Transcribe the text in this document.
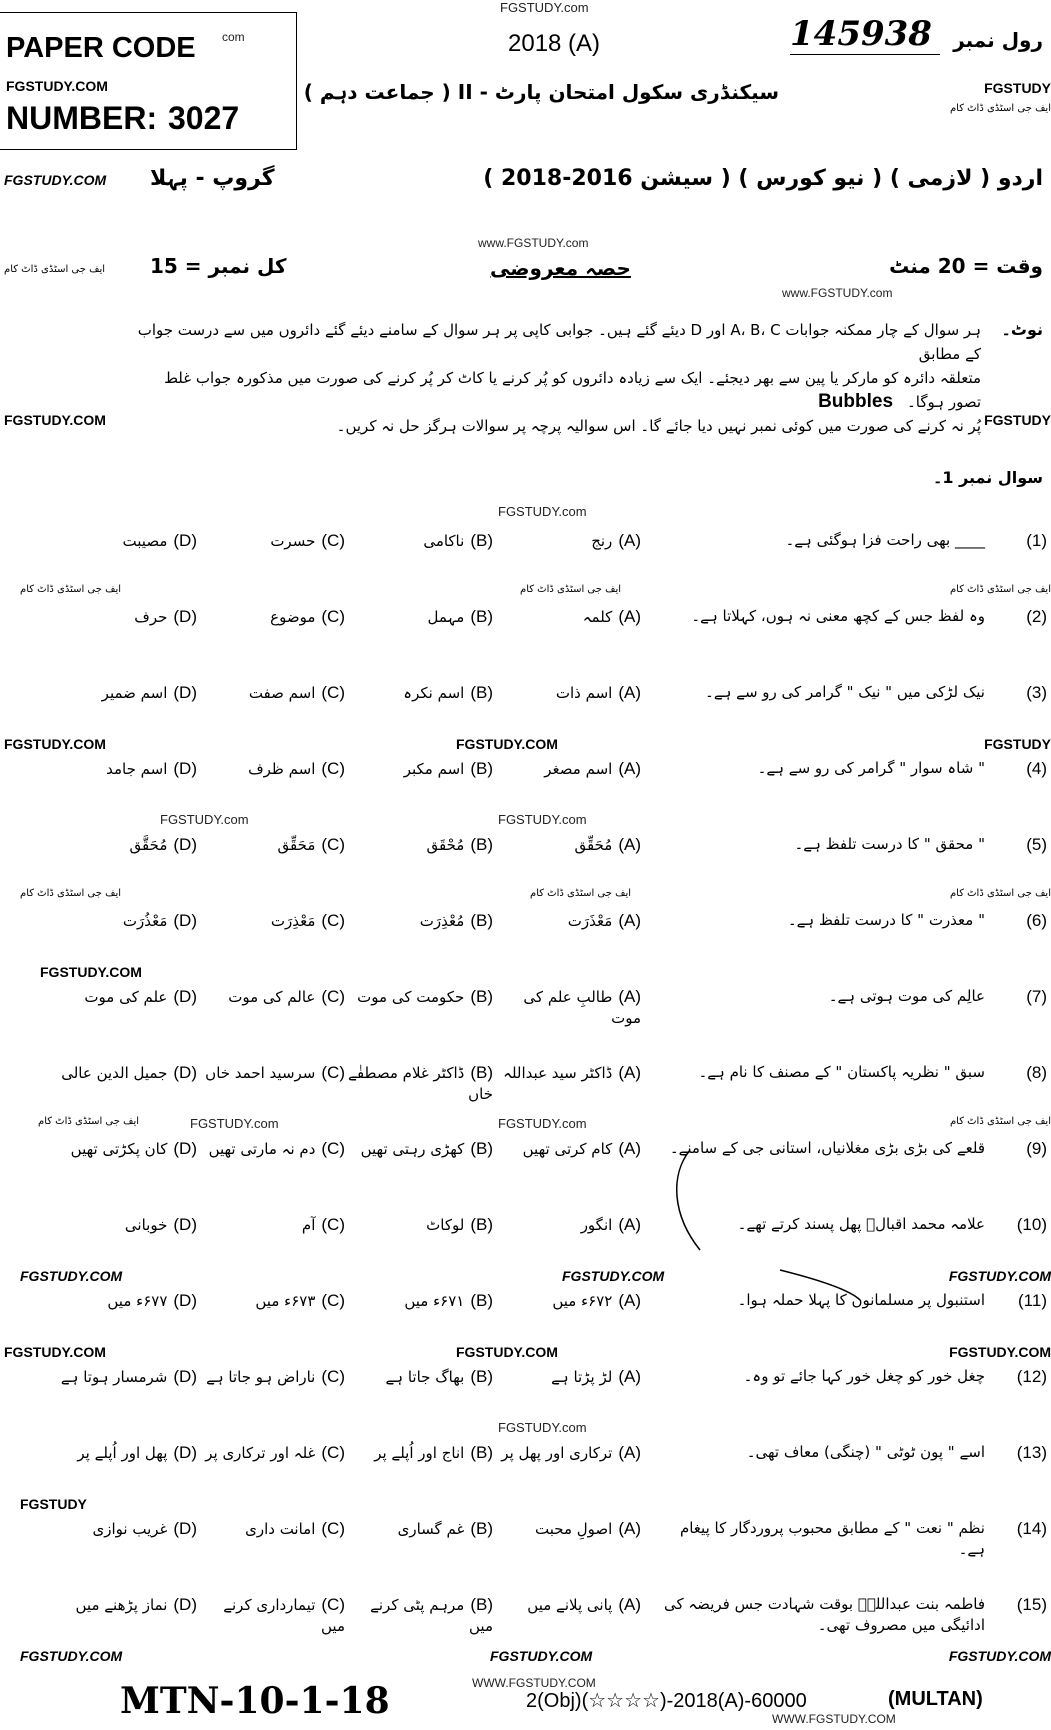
FGSTUDY.com
2018 (A)	145938	رول نمبر
PAPER CODE com
FGSTUDY.COM
NUMBER: 3027
سیکنڈری سکول امتحان پارٹ - II ( جماعت دہم )	FGSTUDY
ایف جی اسٹڈی ڈاٹ کام
FGSTUDY.COM گروپ - پہلا	اردو ( لازمی ) ( نیو کورس ) ( سیشن 2016-2018 )
ایف جی اسٹڈی ڈاٹ کام کل نمبر = 15
www.FGSTUDY.com
حصہ معروضی	وقت = 20 منٹ
www.FGSTUDY.com
نوٹ۔
ہر سوال کے چار ممکنہ جوابات A، B، C اور D دیئے گئے ہیں۔ جوابی کاپی پر ہر سوال کے سامنے دیئے گئے دائروں میں سے درست جواب کے مطابق
متعلقہ دائرہ کو مارکر یا پین سے بھر دیجئے۔ ایک سے زیادہ دائروں کو پُر کرنے یا کاٹ کر پُر کرنے کی صورت میں مذکورہ جواب غلط تصور ہوگا۔Bubbles
پُر نہ کرنے کی صورت میں کوئی نمبر نہیں دیا جائے گا۔ اس سوالیہ پرچہ پر سوالات ہرگز حل نہ کریں۔
FGSTUDY.COM	FGSTUDY
سوال نمبر 1۔
FGSTUDY.com
(1)
____ بھی راحت فزا ہوگئی ہے۔
(A)رنج
(B)ناکامی
(C)حسرت
(D)مصیبت
ایف جی اسٹڈی ڈاٹ کام	ایف جی اسٹڈی ڈاٹ کام	ایف جی اسٹڈی ڈاٹ کام
(2)
وہ لفظ جس کے کچھ معنی نہ ہوں، کہلاتا ہے۔
(A)کلمہ
(B)مہمل
(C)موضوع
(D)حرف
(3)
نیک لڑکی میں " نیک " گرامر کی رو سے ہے۔
(A)اسم ذات
(B)اسم نکرہ
(C)اسم صفت
(D)اسم ضمیر
FGSTUDY.COM	FGSTUDY.COM	FGSTUDY
(4)
" شاہ سوار " گرامر کی رو سے ہے۔
(A)اسم مصغر
(B)اسم مکبر
(C)اسم ظرف
(D)اسم جامد
FGSTUDY.com	FGSTUDY.com
(5)
" محقق " کا درست تلفظ ہے۔
(A)مُحَقِّق
(B)مُحْقَق
(C)مَحَقِّق
(D)مُحَقَّق
ایف جی اسٹڈی ڈاٹ کام	ایف جی اسٹڈی ڈاٹ کام	ایف جی اسٹڈی ڈاٹ کام
(6)
" معذرت " کا درست تلفظ ہے۔
(A)مَعْذَرَت
(B)مُعْذِرَت
(C)مَعْذِرَت
(D)مَعْذُرَت
FGSTUDY.COM
(7)
عالِم کی موت ہوتی ہے۔
(A)طالبِ علم کی موت
(B)حکومت کی موت
(C)عالم کی موت
(D)علم کی موت
(8)
سبق " نظریہ پاکستان " کے مصنف کا نام ہے۔
(A)ڈاکٹر سید عبداللہ
(B)ڈاکٹر غلام مصطفٰے خاں
(C)سرسید احمد خاں
(D)جمیل الدین عالی
ایف جی اسٹڈی ڈاٹ کام	FGSTUDY.com	FGSTUDY.com	ایف جی اسٹڈی ڈاٹ کام
(9)
قلعے کی بڑی بڑی مغلانیاں، استانی جی کے سامنے۔
(A)کام کرتی تھیں
(B)کھڑی رہتی تھیں
(C)دم نہ مارتی تھیں
(D)کان پکڑتی تھیں
(10)
علامہ محمد اقبالؒ پھل پسند کرتے تھے۔
(A)انگور
(B)لوکاٹ
(C)آم
(D)خوبانی
FGSTUDY.COM	FGSTUDY.COM	FGSTUDY.COM
(11)
استنبول پر مسلمانوں کا پہلا حملہ ہوا۔
(A)۶۷۲ء میں
(B)۶۷۱ء میں
(C)۶۷۳ء میں
(D)۶۷۷ء میں
FGSTUDY.COM	FGSTUDY.COM	FGSTUDY.COM
(12)
چغل خور کو چغل خور کہا جائے تو وہ۔
(A)لڑ پڑتا ہے
(B)بھاگ جاتا ہے
(C)ناراض ہو جاتا ہے
(D)شرمسار ہوتا ہے
FGSTUDY.com
(13)
اسے " پون ٹوٹی " (چنگی) معاف تھی۔
(A)ترکاری اور پھل پر
(B)اناج اور اُپلے پر
(C)غلہ اور ترکاری پر
(D)پھل اور اُپلے پر
FGSTUDY
(14)
نظم " نعت " کے مطابق محبوب پروردگار کا پیغام ہے۔
(A)اصولِ محبت
(B)غم گساری
(C)امانت داری
(D)غریب نوازی
(15)
فاطمہ بنت عبداللہؓ بوقت شہادت جس فریضہ کی ادائیگی میں مصروف تھی۔
(A)پانی پلانے میں
(B)مرہم پٹی کرنے میں
(C)تیمارداری کرنے میں
(D)نماز پڑھنے میں
FGSTUDY.COM	FGSTUDY.COM	FGSTUDY.COM
MTN-10-1-18	WWW.FGSTUDY.COM
2(Obj)(☆☆☆☆)-2018(A)-60000	(MULTAN)
WWW.FGSTUDY.COM
